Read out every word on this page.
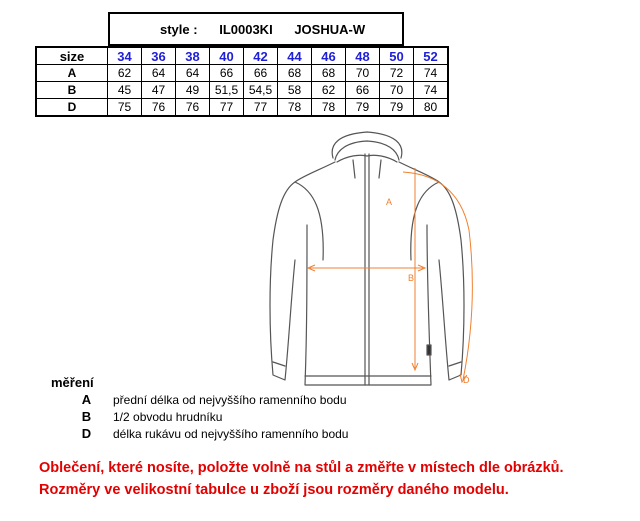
style : IL0003KI JOSHUA-W
size	34	36	38	40	42	44	46	48	50	52
A	62	64	64	66	66	68	68	70	72	74
B	45	47	49	51,5	54,5	58	62	66	70	74
D	75	76	76	77	77	78	78	79	79	80
A
B
D
měření
A	přední délka od nejvyššího ramenního bodu
B	1/2 obvodu hrudníku
D	délka rukávu od nejvyššího ramenního bodu
Oblečení, které nosíte, položte volně na stůl a změřte v místech dle obrázků.
Rozměry ve velikostní tabulce u zboží jsou rozměry daného modelu.
